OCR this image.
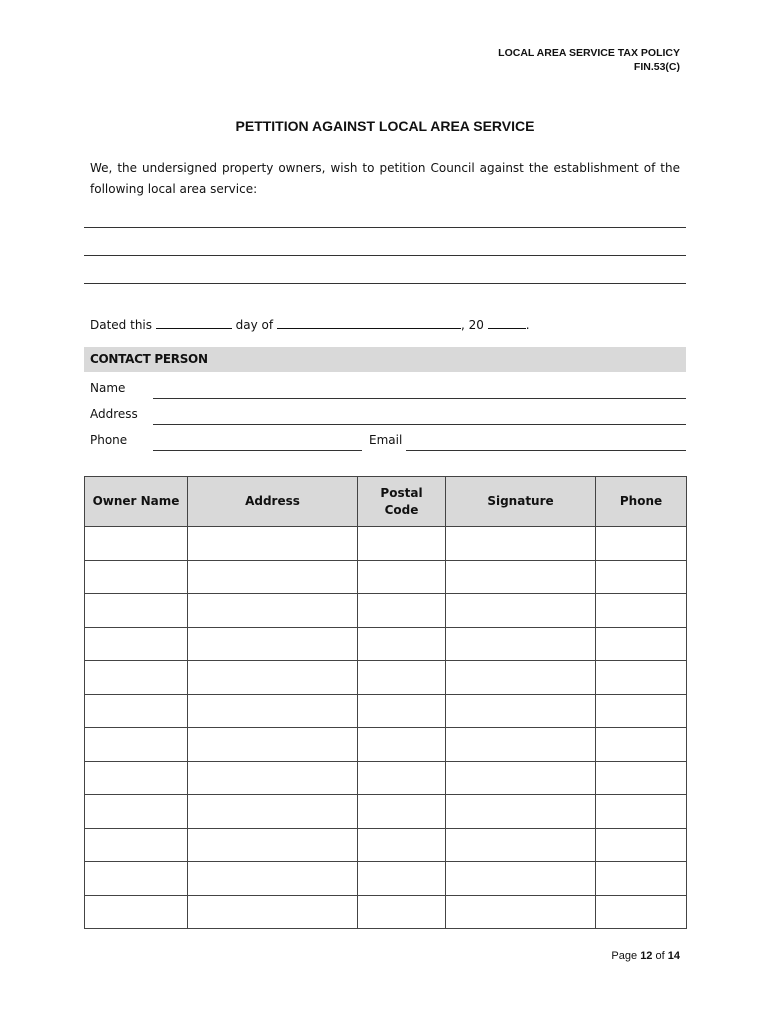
LOCAL AREA SERVICE TAX POLICY
FIN.53(C)
PETTITION AGAINST LOCAL AREA SERVICE
We, the undersigned property owners, wish to petition Council against the establishment of the following local area service:
Dated this	day of	, 20	.
CONTACT PERSON
Name
Address
Phone	Email
Owner Name	Address	Postal Code	Signature	Phone

Page 12 of 14
